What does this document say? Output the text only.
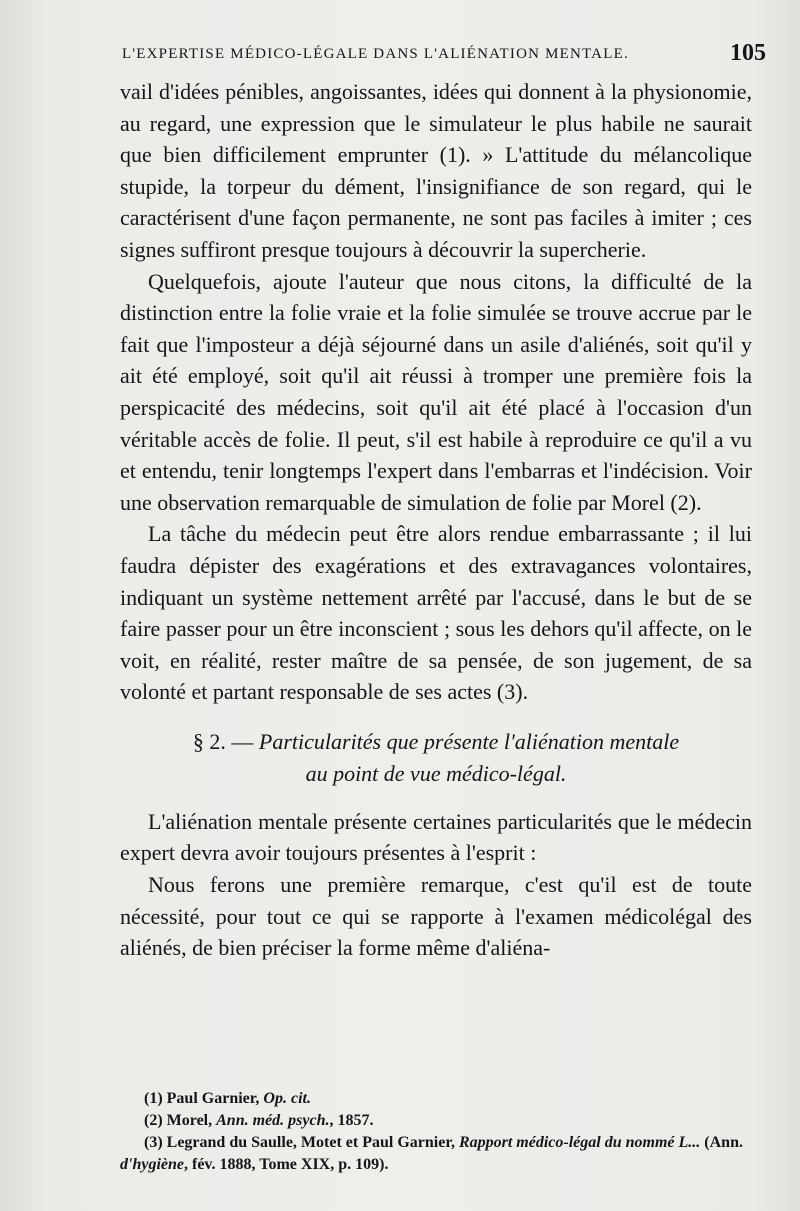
L'EXPERTISE MÉDICO-LÉGALE DANS L'ALIÉNATION MENTALE.	105

vail d'idées pénibles, angoissantes, idées qui donnent à la physionomie, au regard, une expression que le simulateur le plus habile ne saurait que bien difficilement emprunter (1). » L'attitude du mélancolique stupide, la torpeur du dément, l'insignifiance de son regard, qui le caractérisent d'une façon permanente, ne sont pas faciles à imiter ; ces signes suffiront presque toujours à découvrir la supercherie.

Quelquefois, ajoute l'auteur que nous citons, la difficulté de la distinction entre la folie vraie et la folie simulée se trouve accrue par le fait que l'imposteur a déjà séjourné dans un asile d'aliénés, soit qu'il y ait été employé, soit qu'il ait réussi à tromper une première fois la perspicacité des médecins, soit qu'il ait été placé à l'occasion d'un véritable accès de folie. Il peut, s'il est habile à reproduire ce qu'il a vu et entendu, tenir longtemps l'expert dans l'embarras et l'indécision. Voir une observation remarquable de simulation de folie par Morel (2).

La tâche du médecin peut être alors rendue embarrassante ; il lui faudra dépister des exagérations et des extravagances volontaires, indiquant un système nettement arrêté par l'accusé, dans le but de se faire passer pour un être inconscient ; sous les dehors qu'il affecte, on le voit, en réalité, rester maître de sa pensée, de son jugement, de sa volonté et partant responsable de ses actes (3).

§ 2. — Particularités que présente l'aliénation mentale
au point de vue médico-légal.

L'aliénation mentale présente certaines particularités que le médecin expert devra avoir toujours présentes à l'esprit :

Nous ferons une première remarque, c'est qu'il est de toute nécessité, pour tout ce qui se rapporte à l'examen médicolégal des aliénés, de bien préciser la forme même d'aliéna-

(1) Paul Garnier, Op. cit.

(2) Morel, Ann. méd. psych., 1857.

(3) Legrand du Saulle, Motet et Paul Garnier, Rapport médico-légal du nommé L... (Ann. d'hygiène, fév. 1888, Tome XIX, p. 109).
